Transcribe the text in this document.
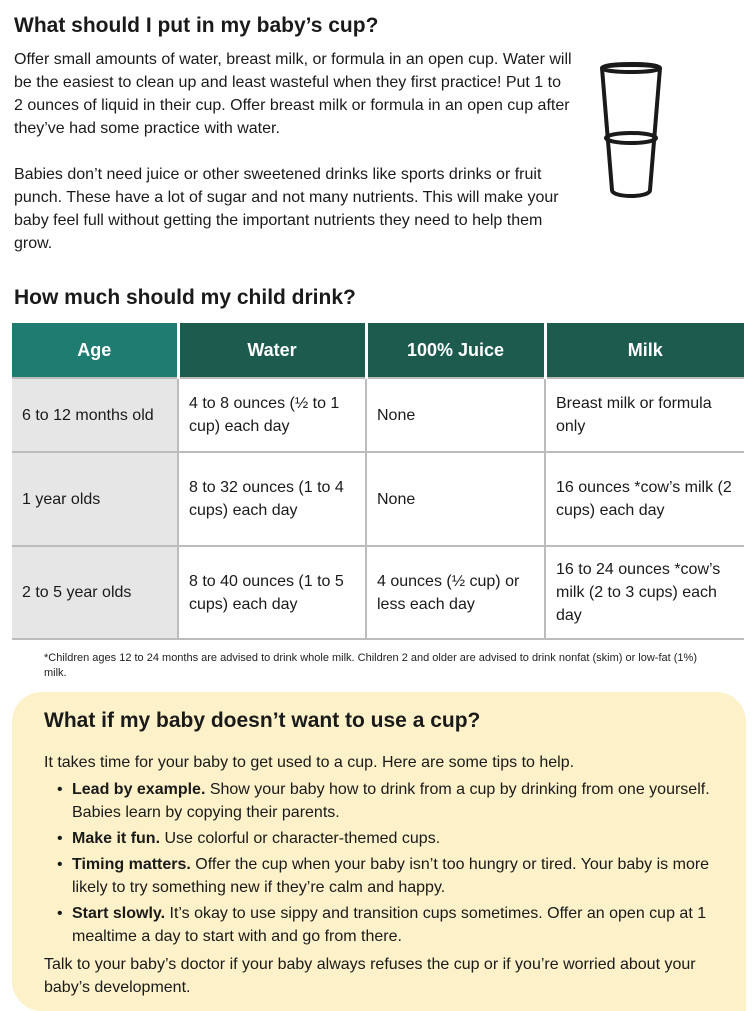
What should I put in my baby’s cup?

Offer small amounts of water, breast milk, or formula in an open cup. Water will be the easiest to clean up and least wasteful when they first practice! Put 1 to 2 ounces of liquid in their cup. Offer breast milk or formula in an open cup after they’ve had some practice with water.

Babies don’t need juice or other sweetened drinks like sports drinks or fruit punch. These have a lot of sugar and not many nutrients. This will make your baby feel full without getting the important nutrients they need to help them grow.

How much should my child drink?
Age	Water	100% Juice	Milk
6 to 12 months old	4 to 8 ounces (½ to 1 cup) each day	None	Breast milk or formula only
1 year olds	8 to 32 ounces (1 to 4 cups) each day	None	16 ounces *cow’s milk (2 cups) each day
2 to 5 year olds	8 to 40 ounces (1 to 5 cups) each day	4 ounces (½ cup) or less each day	16 to 24 ounces *cow’s milk (2 to 3 cups) each day

*Children ages 12 to 24 months are advised to drink whole milk. Children 2 and older are advised to drink nonfat (skim) or low-fat (1%) milk.

What if my baby doesn’t want to use a cup?

It takes time for your baby to get used to a cup. Here are some tips to help.

• Lead by example. Show your baby how to drink from a cup by drinking from one yourself. Babies learn by copying their parents.
• Make it fun. Use colorful or character-themed cups.
• Timing matters. Offer the cup when your baby isn’t too hungry or tired. Your baby is more likely to try something new if they’re calm and happy.
• Start slowly. It’s okay to use sippy and transition cups sometimes. Offer an open cup at 1 mealtime a day to start with and go from there.

Talk to your baby’s doctor if your baby always refuses the cup or if you’re worried about your baby’s development.
